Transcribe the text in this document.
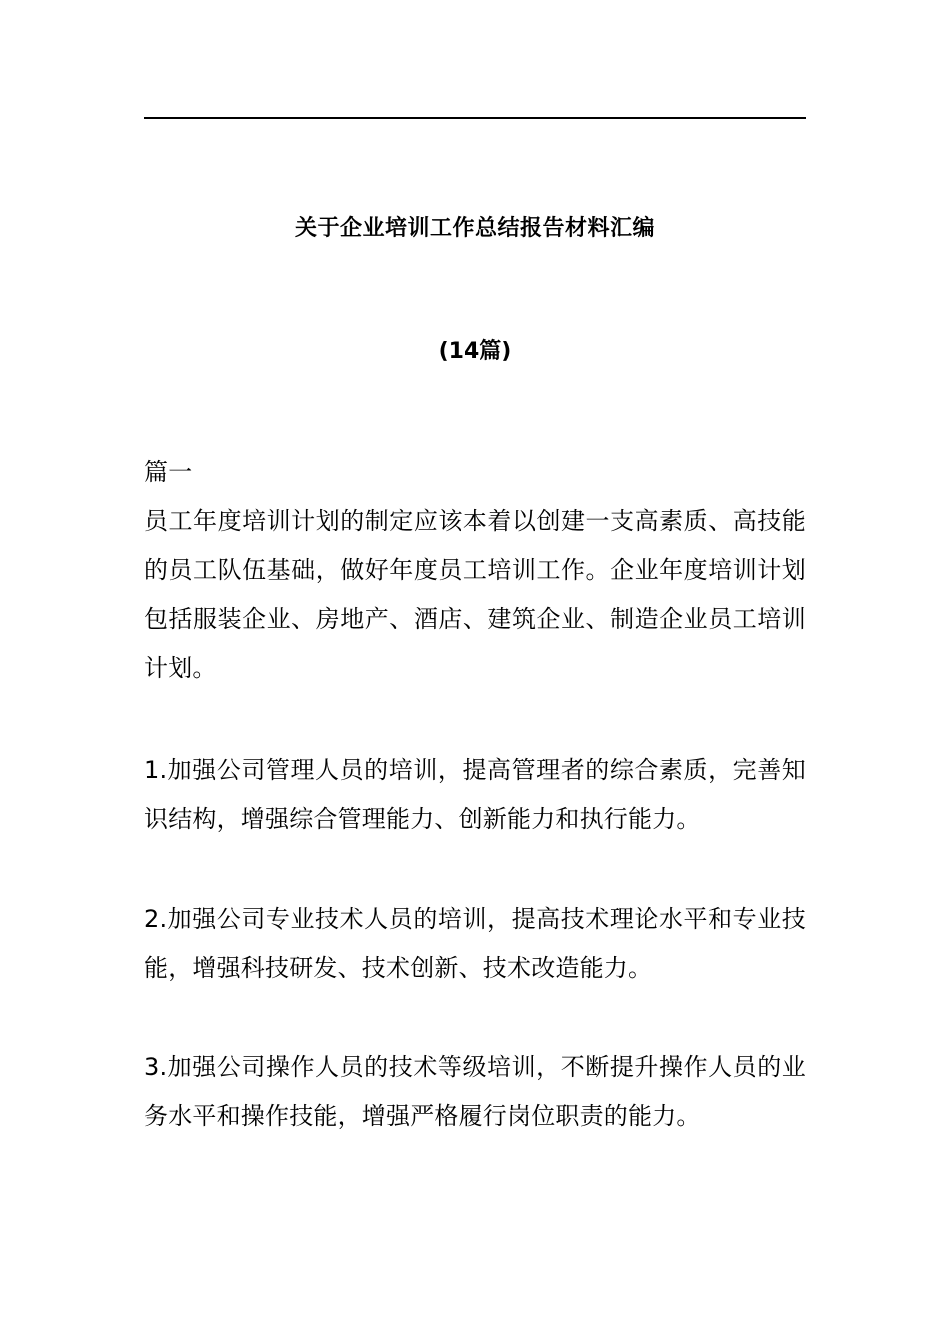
关于企业培训工作总结报告材料汇编
(14篇)
篇一
员工年度培训计划的制定应该本着以创建一支高素质、高技能的员工队伍基础，做好年度员工培训工作。企业年度培训计划包括服装企业、房地产、酒店、建筑企业、制造企业员工培训计划。
1.加强公司管理人员的培训，提高管理者的综合素质，完善知识结构，增强综合管理能力、创新能力和执行能力。
2.加强公司专业技术人员的培训，提高技术理论水平和专业技能，增强科技研发、技术创新、技术改造能力。
3.加强公司操作人员的技术等级培训，不断提升操作人员的业务水平和操作技能，增强严格履行岗位职责的能力。
